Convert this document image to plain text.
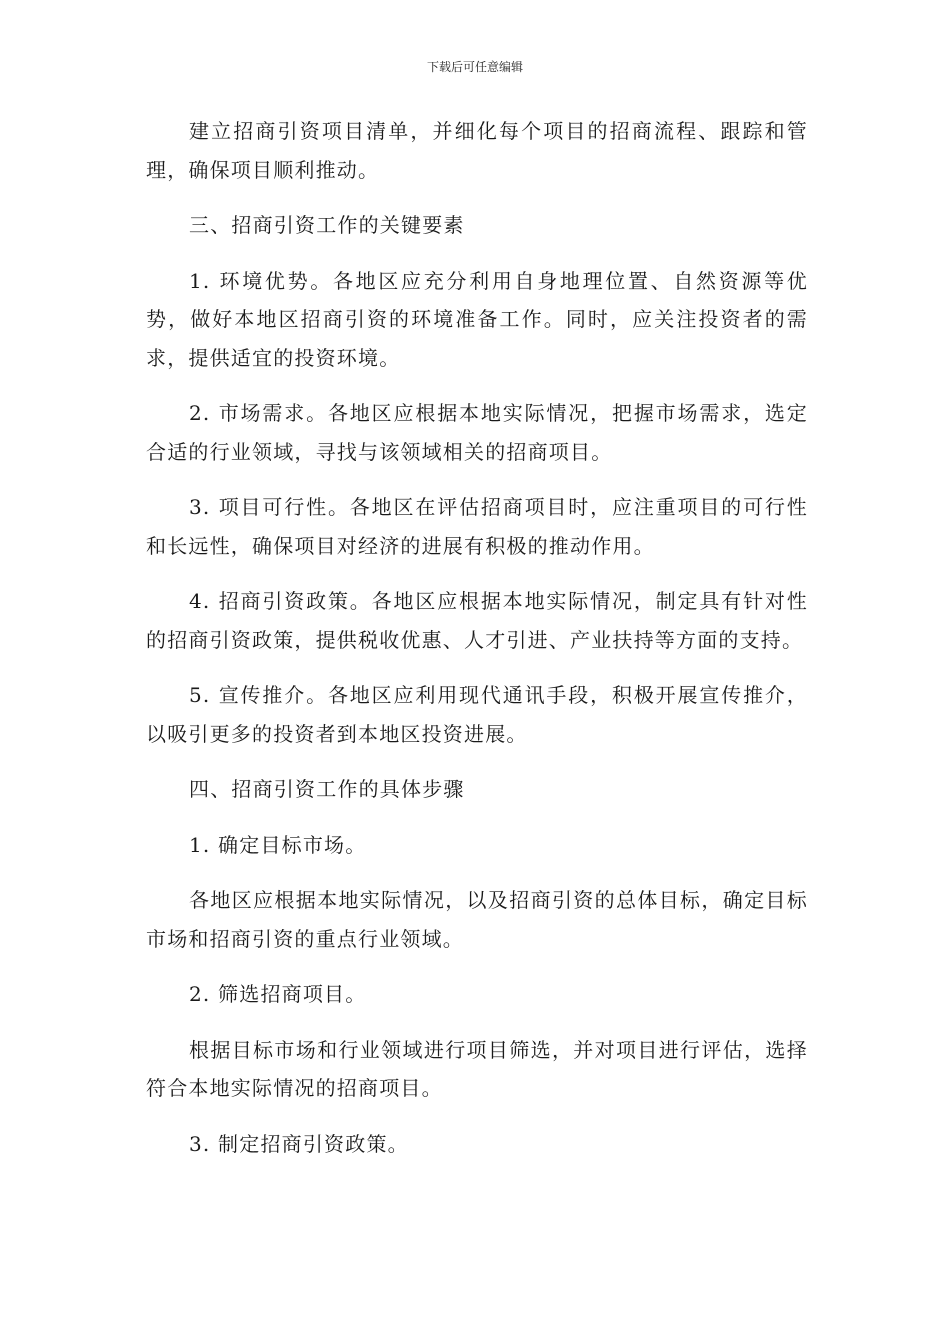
下载后可任意编辑

建立招商引资项目清单，并细化每个项目的招商流程、跟踪和管理，确保项目顺利推动。

三、招商引资工作的关键要素

1. 环境优势。各地区应充分利用自身地理位置、自然资源等优势，做好本地区招商引资的环境准备工作。同时，应关注投资者的需求，提供适宜的投资环境。

2. 市场需求。各地区应根据本地实际情况，把握市场需求，选定合适的行业领域，寻找与该领域相关的招商项目。

3. 项目可行性。各地区在评估招商项目时，应注重项目的可行性和长远性，确保项目对经济的进展有积极的推动作用。

4. 招商引资政策。各地区应根据本地实际情况，制定具有针对性的招商引资政策，提供税收优惠、人才引进、产业扶持等方面的支持。

5. 宣传推介。各地区应利用现代通讯手段，积极开展宣传推介，以吸引更多的投资者到本地区投资进展。

四、招商引资工作的具体步骤

1. 确定目标市场。

各地区应根据本地实际情况，以及招商引资的总体目标，确定目标市场和招商引资的重点行业领域。

2. 筛选招商项目。

根据目标市场和行业领域进行项目筛选，并对项目进行评估，选择符合本地实际情况的招商项目。

3. 制定招商引资政策。
